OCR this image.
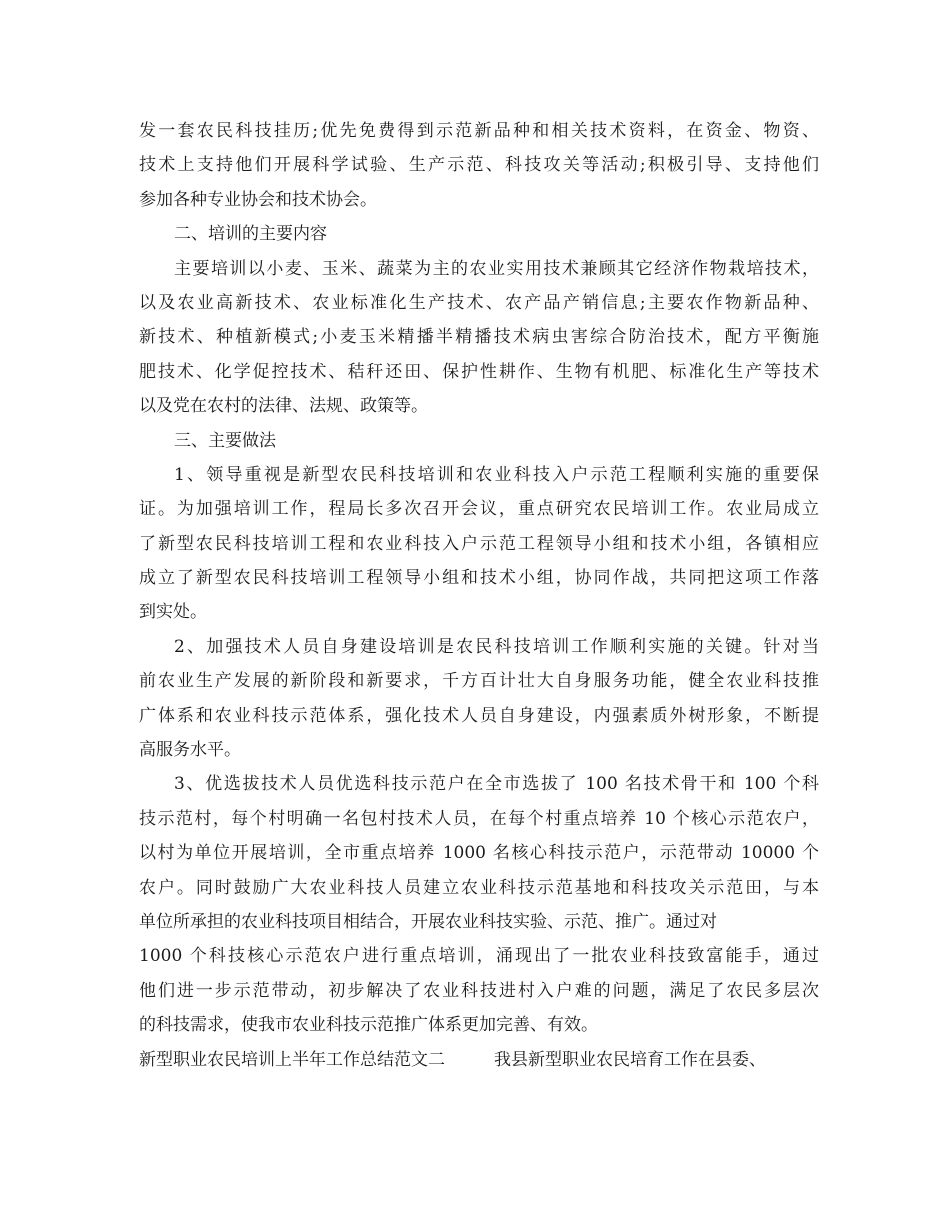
发一套农民科技挂历;优先免费得到示范新品种和相关技术资料，在资金、物资、
技术上支持他们开展科学试验、生产示范、科技攻关等活动;积极引导、支持他们
参加各种专业协会和技术协会。
二、培训的主要内容
主要培训以小麦、玉米、蔬菜为主的农业实用技术兼顾其它经济作物栽培技术，
以及农业高新技术、农业标准化生产技术、农产品产销信息;主要农作物新品种、
新技术、种植新模式;小麦玉米精播半精播技术病虫害综合防治技术，配方平衡施
肥技术、化学促控技术、秸秆还田、保护性耕作、生物有机肥、标准化生产等技术
以及党在农村的法律、法规、政策等。
三、主要做法
1、领导重视是新型农民科技培训和农业科技入户示范工程顺利实施的重要保
证。为加强培训工作，程局长多次召开会议，重点研究农民培训工作。农业局成立
了新型农民科技培训工程和农业科技入户示范工程领导小组和技术小组，各镇相应
成立了新型农民科技培训工程领导小组和技术小组，协同作战，共同把这项工作落
到实处。
2、加强技术人员自身建设培训是农民科技培训工作顺利实施的关键。针对当
前农业生产发展的新阶段和新要求，千方百计壮大自身服务功能，健全农业科技推
广体系和农业科技示范体系，强化技术人员自身建设，内强素质外树形象，不断提
高服务水平。
3、优选拔技术人员优选科技示范户在全市选拔了 100 名技术骨干和 100 个科
技示范村，每个村明确一名包村技术人员，在每个村重点培养 10 个核心示范农户，
以村为单位开展培训，全市重点培养 1000 名核心科技示范户，示范带动 10000 个
农户。同时鼓励广大农业科技人员建立农业科技示范基地和科技攻关示范田，与本
单位所承担的农业科技项目相结合，开展农业科技实验、示范、推广。通过对
1000 个科技核心示范农户进行重点培训，涌现出了一批农业科技致富能手，通过
他们进一步示范带动，初步解决了农业科技进村入户难的问题，满足了农民多层次
的科技需求，使我市农业科技示范推广体系更加完善、有效。
新型职业农民培训上半年工作总结范文二	我县新型职业农民培育工作在县委、
